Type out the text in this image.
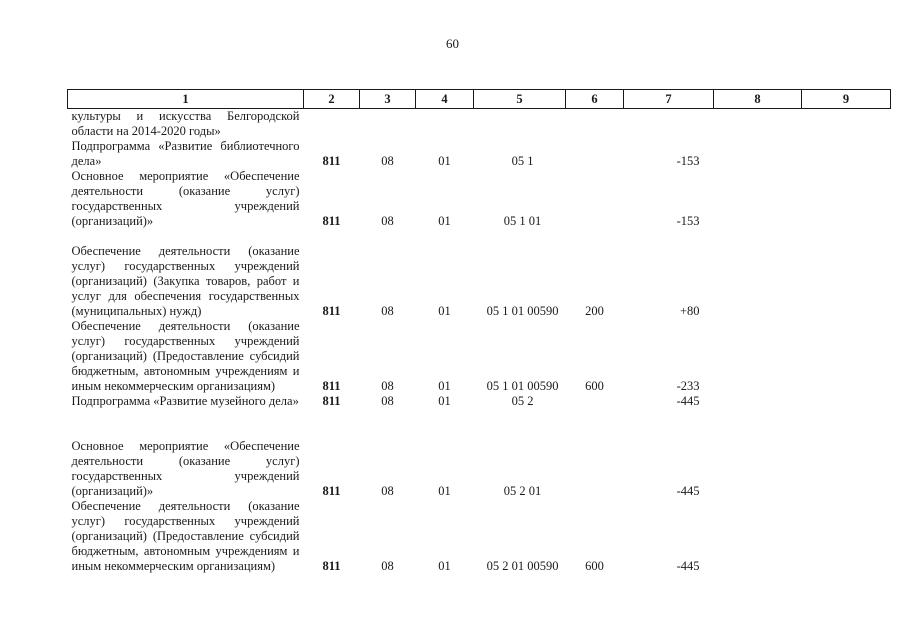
60
1	2	3	4	5	6	7	8	9
культуры и искусства Белгородской области на 2014-2020 годы»								
Подпрограмма «Развитие библиотечного дела»	811	08	01	05 1		-153		
Основное мероприятие «Обеспечение деятельности (оказание услуг) государственных учреждений (организаций)»	811	08	01	05 1 01		-153		

Обеспечение деятельности (оказание услуг) государственных учреждений (организаций) (Закупка товаров, работ и услуг для обеспечения государственных (муниципальных) нужд)	811	08	01	05 1 01 00590	200	+80		
Обеспечение деятельности (оказание услуг) государственных учреждений (организаций) (Предоставление субсидий бюджетным, автономным учреждениям и иным некоммерческим организациям)	811	08	01	05 1 01 00590	600	-233		
Подпрограмма «Развитие музейного дела»	811	08	01	05 2		-445		

Основное мероприятие «Обеспечение деятельности (оказание услуг) государственных учреждений (организаций)»	811	08	01	05 2 01		-445		
Обеспечение деятельности (оказание услуг) государственных учреждений (организаций) (Предоставление субсидий бюджетным, автономным учреждениям и иным некоммерческим организациям)	811	08	01	05 2 01 00590	600	-445		
